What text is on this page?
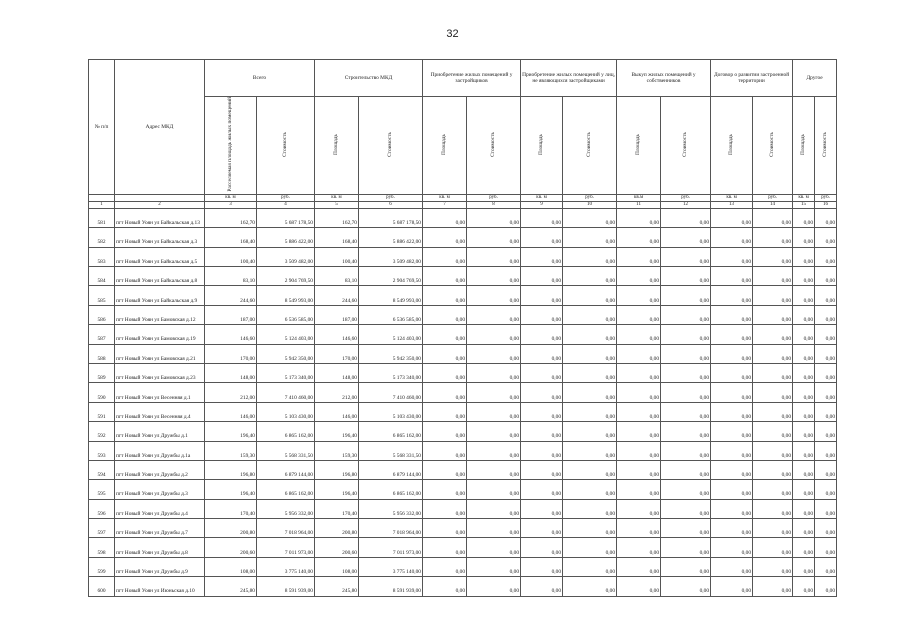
32
№ п/п	Адрес МКД	Всего		Строительство МКД		Приобретение жилых помещений у застройщиков		Приобретение жилых помещений у лиц, не являющихся застройщиками		Выкуп жилых помещений у собственников		Договор о развитии застроенной территории		Другое	
		Расселяемая площадь жилых помещений	Стоимость	Площадь	Стоимость	Площадь	Стоимость	Площадь	Стоимость	Площадь	Стоимость	Площадь	Стоимость	Площадь	Стоимость
		кв. м	руб.	кв. м	руб.	кв. м	руб.	кв. м	руб.	кв.м	руб.	кв. м	руб.	кв. м	руб.
1	2	3	4	5	6	7	8	9	10	11	12	13	14	15	16
581	пгт Новый Уоян ул Байкальская д.13	162,70	5 687 178,50	162,70	5 687 178,50	0,00	0,00	0,00	0,00	0,00	0,00	0,00	0,00	0,00	0,00
582	пгт Новый Уоян ул Байкальская д.3	168,40	5 886 422,00	168,40	5 886 422,00	0,00	0,00	0,00	0,00	0,00	0,00	0,00	0,00	0,00	0,00
583	пгт Новый Уоян ул Байкальская д.5	100,40	3 509 482,00	100,40	3 509 482,00	0,00	0,00	0,00	0,00	0,00	0,00	0,00	0,00	0,00	0,00
584	пгт Новый Уоян ул Байкальская д.8	83,10	2 904 769,50	83,10	2 904 769,50	0,00	0,00	0,00	0,00	0,00	0,00	0,00	0,00	0,00	0,00
585	пгт Новый Уоян ул Байкальская д.9	244,60	8 549 993,00	244,60	8 549 993,00	0,00	0,00	0,00	0,00	0,00	0,00	0,00	0,00	0,00	0,00
586	пгт Новый Уоян ул Бамовская д.12	187,00	6 536 585,00	187,00	6 536 585,00	0,00	0,00	0,00	0,00	0,00	0,00	0,00	0,00	0,00	0,00
587	пгт Новый Уоян ул Бамовская д.19	146,60	5 124 403,00	146,60	5 124 403,00	0,00	0,00	0,00	0,00	0,00	0,00	0,00	0,00	0,00	0,00
588	пгт Новый Уоян ул Бамовская д.21	170,00	5 942 350,00	170,00	5 942 350,00	0,00	0,00	0,00	0,00	0,00	0,00	0,00	0,00	0,00	0,00
589	пгт Новый Уоян ул Бамовская д.23	148,00	5 173 340,00	148,00	5 173 340,00	0,00	0,00	0,00	0,00	0,00	0,00	0,00	0,00	0,00	0,00
590	пгт Новый Уоян ул Весенняя д.1	212,00	7 410 460,00	212,00	7 410 460,00	0,00	0,00	0,00	0,00	0,00	0,00	0,00	0,00	0,00	0,00
591	пгт Новый Уоян ул Весенняя д.4	146,00	5 103 430,00	146,00	5 103 430,00	0,00	0,00	0,00	0,00	0,00	0,00	0,00	0,00	0,00	0,00
592	пгт Новый Уоян ул Дружбы д.1	196,40	6 865 162,00	196,40	6 865 162,00	0,00	0,00	0,00	0,00	0,00	0,00	0,00	0,00	0,00	0,00
593	пгт Новый Уоян ул Дружбы д.1а	159,30	5 568 331,50	159,30	5 568 331,50	0,00	0,00	0,00	0,00	0,00	0,00	0,00	0,00	0,00	0,00
594	пгт Новый Уоян ул Дружбы д.2	196,80	6 879 144,00	196,80	6 879 144,00	0,00	0,00	0,00	0,00	0,00	0,00	0,00	0,00	0,00	0,00
595	пгт Новый Уоян ул Дружбы д.3	196,40	6 865 162,00	196,40	6 865 162,00	0,00	0,00	0,00	0,00	0,00	0,00	0,00	0,00	0,00	0,00
596	пгт Новый Уоян ул Дружбы д.4	170,40	5 956 332,00	170,40	5 956 332,00	0,00	0,00	0,00	0,00	0,00	0,00	0,00	0,00	0,00	0,00
597	пгт Новый Уоян ул Дружбы д.7	200,80	7 018 964,00	200,80	7 018 964,00	0,00	0,00	0,00	0,00	0,00	0,00	0,00	0,00	0,00	0,00
598	пгт Новый Уоян ул Дружбы д.8	200,60	7 011 973,00	200,60	7 011 973,00	0,00	0,00	0,00	0,00	0,00	0,00	0,00	0,00	0,00	0,00
599	пгт Новый Уоян ул Дружбы д.9	108,00	3 775 140,00	108,00	3 775 140,00	0,00	0,00	0,00	0,00	0,00	0,00	0,00	0,00	0,00	0,00
600	пгт Новый Уоян ул Июньская д.10	245,80	8 591 939,00	245,80	8 591 939,00	0,00	0,00	0,00	0,00	0,00	0,00	0,00	0,00	0,00	0,00
